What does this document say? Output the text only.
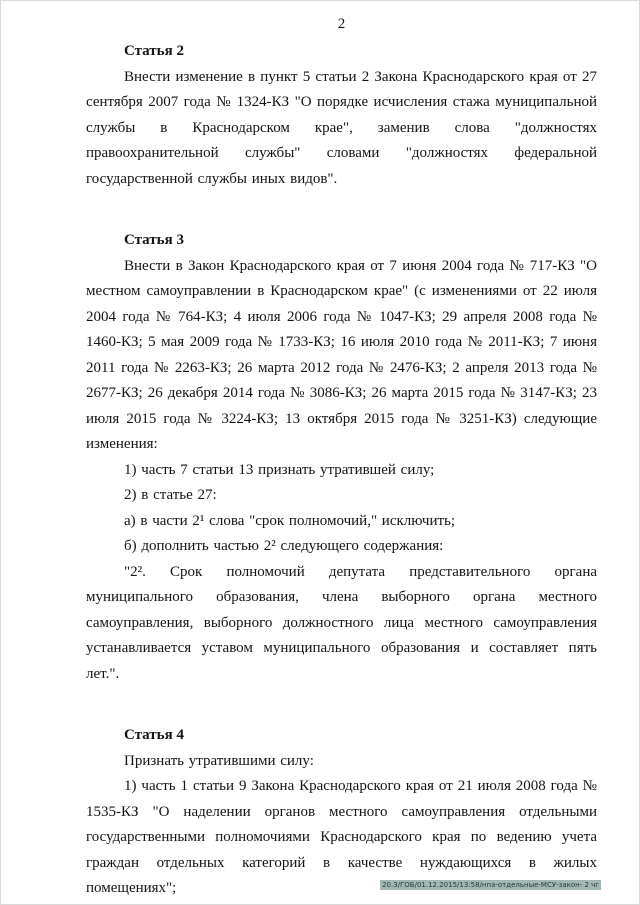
2
Статья 2

Внести изменение в пункт 5 статьи 2 Закона Краснодарского края от 27 сентября 2007 года № 1324-КЗ "О порядке исчисления стажа муниципальной службы в Краснодарском крае", заменив слова "должностях правоохранительной службы" словами "должностях федеральной государственной службы иных видов".

Статья 3

Внести в Закон Краснодарского края от 7 июня 2004 года № 717-КЗ "О местном самоуправлении в Краснодарском крае" (с изменениями от 22 июля 2004 года № 764-КЗ; 4 июля 2006 года № 1047-КЗ; 29 апреля 2008 года № 1460-КЗ; 5 мая 2009 года № 1733-КЗ; 16 июля 2010 года № 2011-КЗ; 7 июня 2011 года № 2263-КЗ; 26 марта 2012 года № 2476-КЗ; 2 апреля 2013 года № 2677-КЗ; 26 декабря 2014 года № 3086-КЗ; 26 марта 2015 года № 3147-КЗ; 23 июля 2015 года № 3224-КЗ; 13 октября 2015 года № 3251-КЗ) следующие изменения:

1) часть 7 статьи 13 признать утратившей силу;

2) в статье 27:

а) в части 2¹ слова "срок полномочий," исключить;

б) дополнить частью 2² следующего содержания:

"2². Срок полномочий депутата представительного органа муниципального образования, члена выборного органа местного самоуправления, выборного должностного лица местного самоуправления устанавливается уставом муниципального образования и составляет пять лет.".

Статья 4

Признать утратившими силу:

1) часть 1 статьи 9 Закона Краснодарского края от 21 июля 2008 года № 1535-КЗ "О наделении органов местного самоуправления отдельными государственными полномочиями Краснодарского края по ведению учета граждан отдельных категорий в качестве нуждающихся в жилых помещениях";	20.3/ГОБ/01.12.2015/13:58/нпа-отдельные-МСУ-закон- 2 чг
